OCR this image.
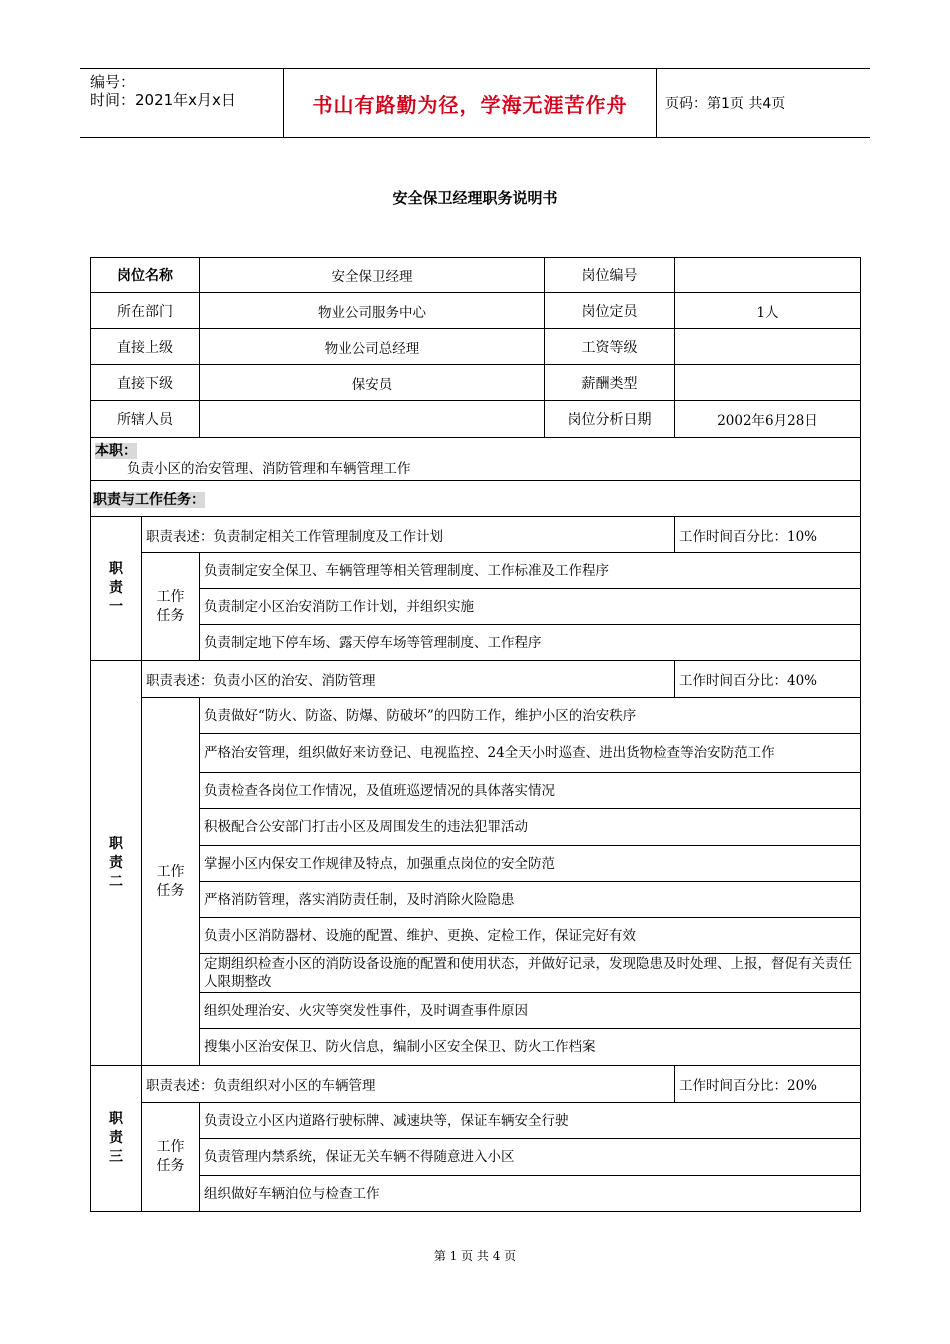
编号：
时间：2021年x月x日	书山有路勤为径，学海无涯苦作舟	页码：第1页 共4页
安全保卫经理职务说明书
岗位名称		安全保卫经理	岗位编号	
所在部门		物业公司服务中心	岗位定员	1人
直接上级		物业公司总经理	工资等级	
直接下级		保安员	薪酬类型	
所辖人员			岗位分析日期	2002年6月28日

本职：
负责小区的治安管理、消防管理和车辆管理工作				

职责与工作任务：				

职责一	职责表述：负责制定相关工作管理制度及工作计划			工作时间百分比：10%

	工作任务	负责制定安全保卫、车辆管理等相关管理制度、工作标准及工作程序		
		负责制定小区治安消防工作计划，并组织实施		
		负责制定地下停车场、露天停车场等管理制度、工作程序		

职责二	职责表述：负责小区的治安、消防管理			工作时间百分比：40%

	工作任务	负责做好“防火、防盗、防爆、防破坏”的四防工作，维护小区的治安秩序		
		严格治安管理，组织做好来访登记、电视监控、24全天小时巡查、进出货物检查等治安防范工作		
		负责检查各岗位工作情况，及值班巡逻情况的具体落实情况		
		积极配合公安部门打击小区及周围发生的违法犯罪活动		
		掌握小区内保安工作规律及特点，加强重点岗位的安全防范		
		严格消防管理，落实消防责任制，及时消除火险隐患		
		负责小区消防器材、设施的配置、维护、更换、定检工作，保证完好有效		
		定期组织检查小区的消防设备设施的配置和使用状态，并做好记录，发现隐患及时处理、上报，督促有关责任人限期整改		
		组织处理治安、火灾等突发性事件，及时调查事件原因		
		搜集小区治安保卫、防火信息，编制小区安全保卫、防火工作档案		

职责三	职责表述：负责组织对小区的车辆管理			工作时间百分比：20%

	工作任务	负责设立小区内道路行驶标牌、减速块等，保证车辆安全行驶		
		负责管理内禁系统，保证无关车辆不得随意进入小区		
		组织做好车辆泊位与检查工作		
第 1 页 共 4 页
